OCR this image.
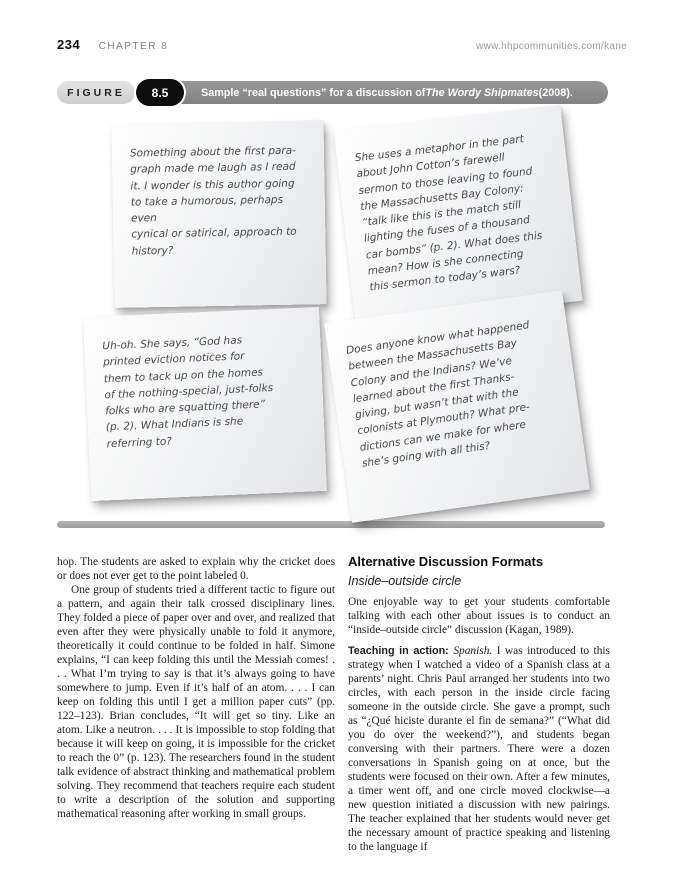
234 CHAPTER 8	www.hhpcommunities.com/kane
FIGURE	Sample “real questions” for a discussion of The Wordy Shipmates (2008).
8.5
Something about the first para-
graph made me laugh as I read
it. I wonder is this author going
to take a humorous, perhaps even
cynical or satirical, approach to
history?
She uses a metaphor in the part
about John Cotton’s farewell
sermon to those leaving to found
the Massachusetts Bay Colony:
“talk like this is the match still
lighting the fuses of a thousand
car bombs” (p. 2). What does this
mean? How is she connecting
this sermon to today’s wars?
Uh-oh. She says, “God has
printed eviction notices for
them to tack up on the homes
of the nothing-special, just-folks
folks who are squatting there”
(p. 2). What Indians is she
referring to?
Does anyone know what happened
between the Massachusetts Bay
Colony and the Indians? We’ve
learned about the first Thanks-
giving, but wasn’t that with the
colonists at Plymouth? What pre-
dictions can we make for where
she’s going with all this?

hop. The students are asked to explain why the cricket does or does not ever get to the point labeled 0.

One group of students tried a different tactic to figure out a pattern, and again their talk crossed disciplinary lines. They folded a piece of paper over and over, and realized that even after they were physically unable to fold it anymore, theoretically it could continue to be folded in half. Simone explains, “I can keep folding this until the Messiah comes! . . . What I’m trying to say is that it’s always going to have somewhere to jump. Even if it’s half of an atom. . . . I can keep on folding this until I get a million paper cuts” (pp. 122–123). Brian concludes, “It will get so tiny. Like an atom. Like a neutron. . . . It is impossible to stop folding that because it will keep on going, it is impossible for the cricket to reach the 0” (p. 123). The researchers found in the student talk evidence of abstract thinking and mathematical problem solving. They recommend that teachers require each student to write a description of the solution and supporting mathematical reasoning after working in small groups.

Alternative Discussion Formats
Inside–outside circle

One enjoyable way to get your students comfortable talking with each other about issues is to conduct an “inside–outside circle” discussion (Kagan, 1989).

Teaching in action: Spanish. I was introduced to this strategy when I watched a video of a Spanish class at a parents’ night. Chris Paul arranged her students into two circles, with each person in the inside circle facing someone in the outside circle. She gave a prompt, such as “¿Qué hiciste durante el fin de semana?” (“What did you do over the weekend?”), and students began conversing with their partners. There were a dozen conversations in Spanish going on at once, but the students were focused on their own. After a few minutes, a timer went off, and one circle moved clockwise—a new question initiated a discussion with new pairings. The teacher explained that her students would never get the necessary amount of practice speaking and listening to the language if
